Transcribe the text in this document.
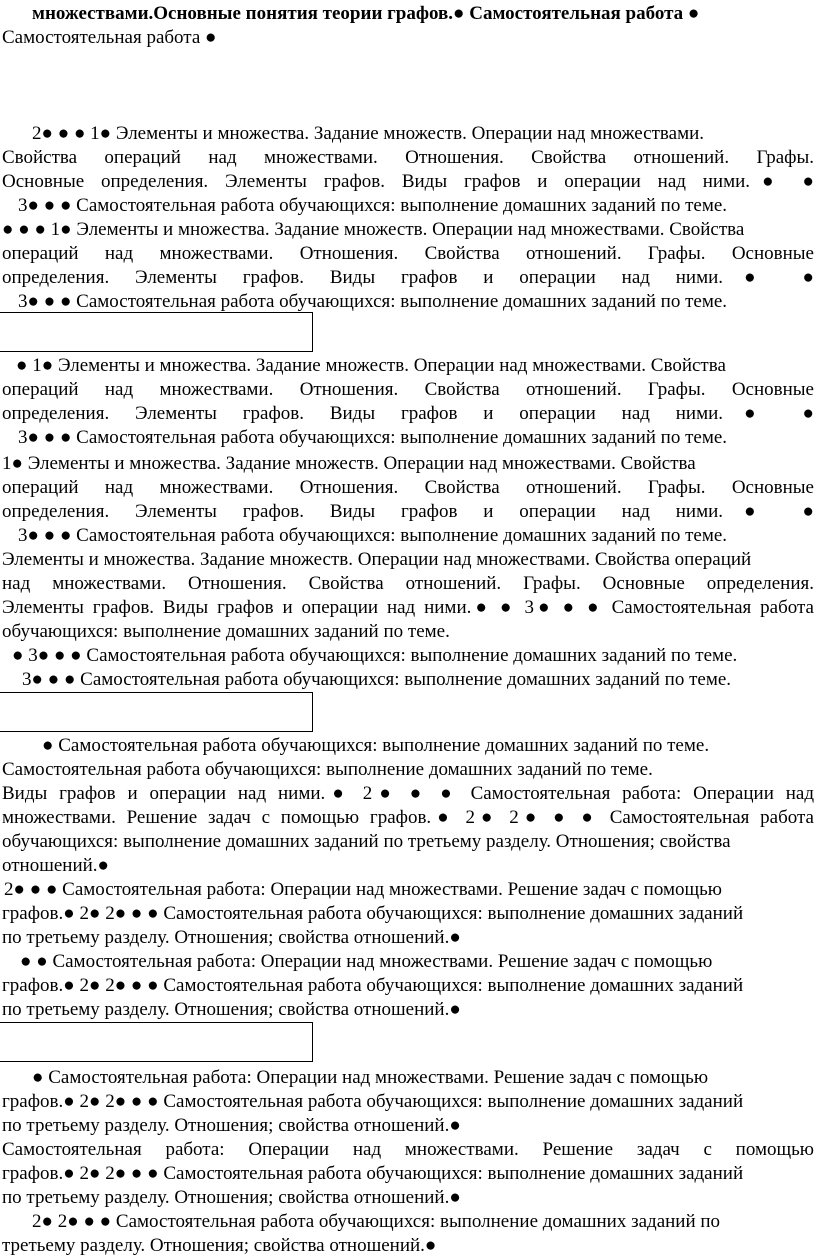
множествами.Основные понятия теории графов.● Самостоятельная работа ●
Самостоятельная работа ●
2● ● ● 1● Элементы и множества. Задание множеств. Операции над множествами.
Свойства операций над множествами. Отношения. Свойства отношений. Графы.
Основные определения. Элементы графов. Виды графов и операции над ними.● ●
3● ● ● Самостоятельная работа обучающихся: выполнение домашних заданий по теме.
● ● ● 1● Элементы и множества. Задание множеств. Операции над множествами. Свойства
операций над множествами. Отношения. Свойства отношений. Графы. Основные
определения. Элементы графов. Виды графов и операции над ними.● ●
3● ● ● Самостоятельная работа обучающихся: выполнение домашних заданий по теме.
● 1● Элементы и множества. Задание множеств. Операции над множествами. Свойства
операций над множествами. Отношения. Свойства отношений. Графы. Основные
определения. Элементы графов. Виды графов и операции над ними.● ●
3● ● ● Самостоятельная работа обучающихся: выполнение домашних заданий по теме.
1● Элементы и множества. Задание множеств. Операции над множествами. Свойства
операций над множествами. Отношения. Свойства отношений. Графы. Основные
определения. Элементы графов. Виды графов и операции над ними.● ●
3● ● ● Самостоятельная работа обучающихся: выполнение домашних заданий по теме.
Элементы и множества. Задание множеств. Операции над множествами. Свойства операций
над множествами. Отношения. Свойства отношений. Графы. Основные определения.
Элементы графов. Виды графов и операции над ними.● ● 3● ● ● Самостоятельная работа
обучающихся: выполнение домашних заданий по теме.
● 3● ● ● Самостоятельная работа обучающихся: выполнение домашних заданий по теме.
3● ● ● Самостоятельная работа обучающихся: выполнение домашних заданий по теме.
● Самостоятельная работа обучающихся: выполнение домашних заданий по теме.
Самостоятельная работа обучающихся: выполнение домашних заданий по теме.
Виды графов и операции над ними.● 2● ● ● Самостоятельная работа: Операции над
множествами. Решение задач с помощью графов.● 2● 2● ● ● Самостоятельная работа
обучающихся: выполнение домашних заданий по третьему разделу. Отношения; свойства
отношений.●
2● ● ● Самостоятельная работа: Операции над множествами. Решение задач с помощью
графов.● 2● 2● ● ● Самостоятельная работа обучающихся: выполнение домашних заданий
по третьему разделу. Отношения; свойства отношений.●
● ● Самостоятельная работа: Операции над множествами. Решение задач с помощью
графов.● 2● 2● ● ● Самостоятельная работа обучающихся: выполнение домашних заданий
по третьему разделу. Отношения; свойства отношений.●
● Самостоятельная работа: Операции над множествами. Решение задач с помощью
графов.● 2● 2● ● ● Самостоятельная работа обучающихся: выполнение домашних заданий
по третьему разделу. Отношения; свойства отношений.●
Самостоятельная работа: Операции над множествами. Решение задач с помощью
графов.● 2● 2● ● ● Самостоятельная работа обучающихся: выполнение домашних заданий
по третьему разделу. Отношения; свойства отношений.●
2● 2● ● ● Самостоятельная работа обучающихся: выполнение домашних заданий по
третьему разделу. Отношения; свойства отношений.●
